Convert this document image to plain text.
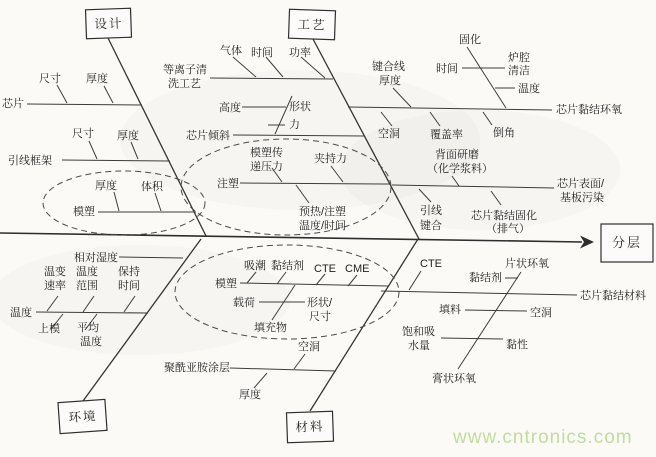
分层
设计
芯片
尺寸 厚度
引线框架
尺寸 厚度
模塑
厚度 体积
工艺
等离子清
洗工艺
气体 时间 功率
芯片倾斜
高度	形状
力
注塑
模塑传
递压力
夹持力
预热/注塑
温度/时间
键合线
厚度
芯片黏结环氧
固化
时间
炉腔
清洁
温度
空洞	覆盖率	倒角
芯片表面/
基板污染
背面研磨
（化学浆料）
引线
键合
芯片黏结固化
（排气）
环境
相对湿度
温度
温变
速率
温度
范围
保持
时间
上模 平均
温度
材料
模塑
吸潮 黏结剂 CTE CME
载荷	形状/
尺寸
填充物
聚酰亚胺涂层
空洞
厚度
芯片黏结材料
CTE	片状环氧
黏结剂
填料	空洞
饱和吸
水量	黏性
膏状环氧
www.cntronics.com
